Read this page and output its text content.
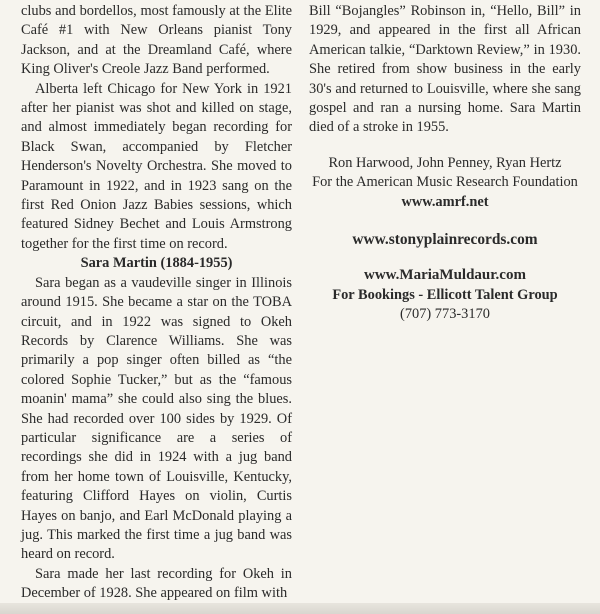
clubs and bordellos, most famously at the Elite Café #1 with New Orleans pianist Tony Jackson, and at the Dreamland Café, where King Oliver's Creole Jazz Band performed.

Alberta left Chicago for New York in 1921 after her pianist was shot and killed on stage, and almost immediately began recording for Black Swan, accompanied by Fletcher Henderson's Novelty Orchestra. She moved to Paramount in 1922, and in 1923 sang on the first Red Onion Jazz Babies sessions, which featured Sidney Bechet and Louis Armstrong together for the first time on record.

Sara Martin (1884-1955)

Sara began as a vaudeville singer in Illinois around 1915. She became a star on the TOBA circuit, and in 1922 was signed to Okeh Records by Clarence Williams. She was primarily a pop singer often billed as “the colored Sophie Tucker,” but as the “famous moanin' mama” she could also sing the blues. She had recorded over 100 sides by 1929. Of particular significance are a series of recordings she did in 1924 with a jug band from her home town of Louisville, Kentucky, featuring Clifford Hayes on violin, Curtis Hayes on banjo, and Earl McDonald playing a jug. This marked the first time a jug band was heard on record.

Sara made her last recording for Okeh in December of 1928. She appeared on film with

Bill “Bojangles” Robinson in, “Hello, Bill” in 1929, and appeared in the first all African American talkie, “Darktown Review,” in 1930. She retired from show business in the early 30's and returned to Louisville, where she sang gospel and ran a nursing home. Sara Martin died of a stroke in 1955.

Ron Harwood, John Penney, Ryan Hertz
For the American Music Research Foundation
www.amrf.net
www.stonyplainrecords.com
www.MariaMuldaur.com
For Bookings - Ellicott Talent Group
(707) 773-3170
